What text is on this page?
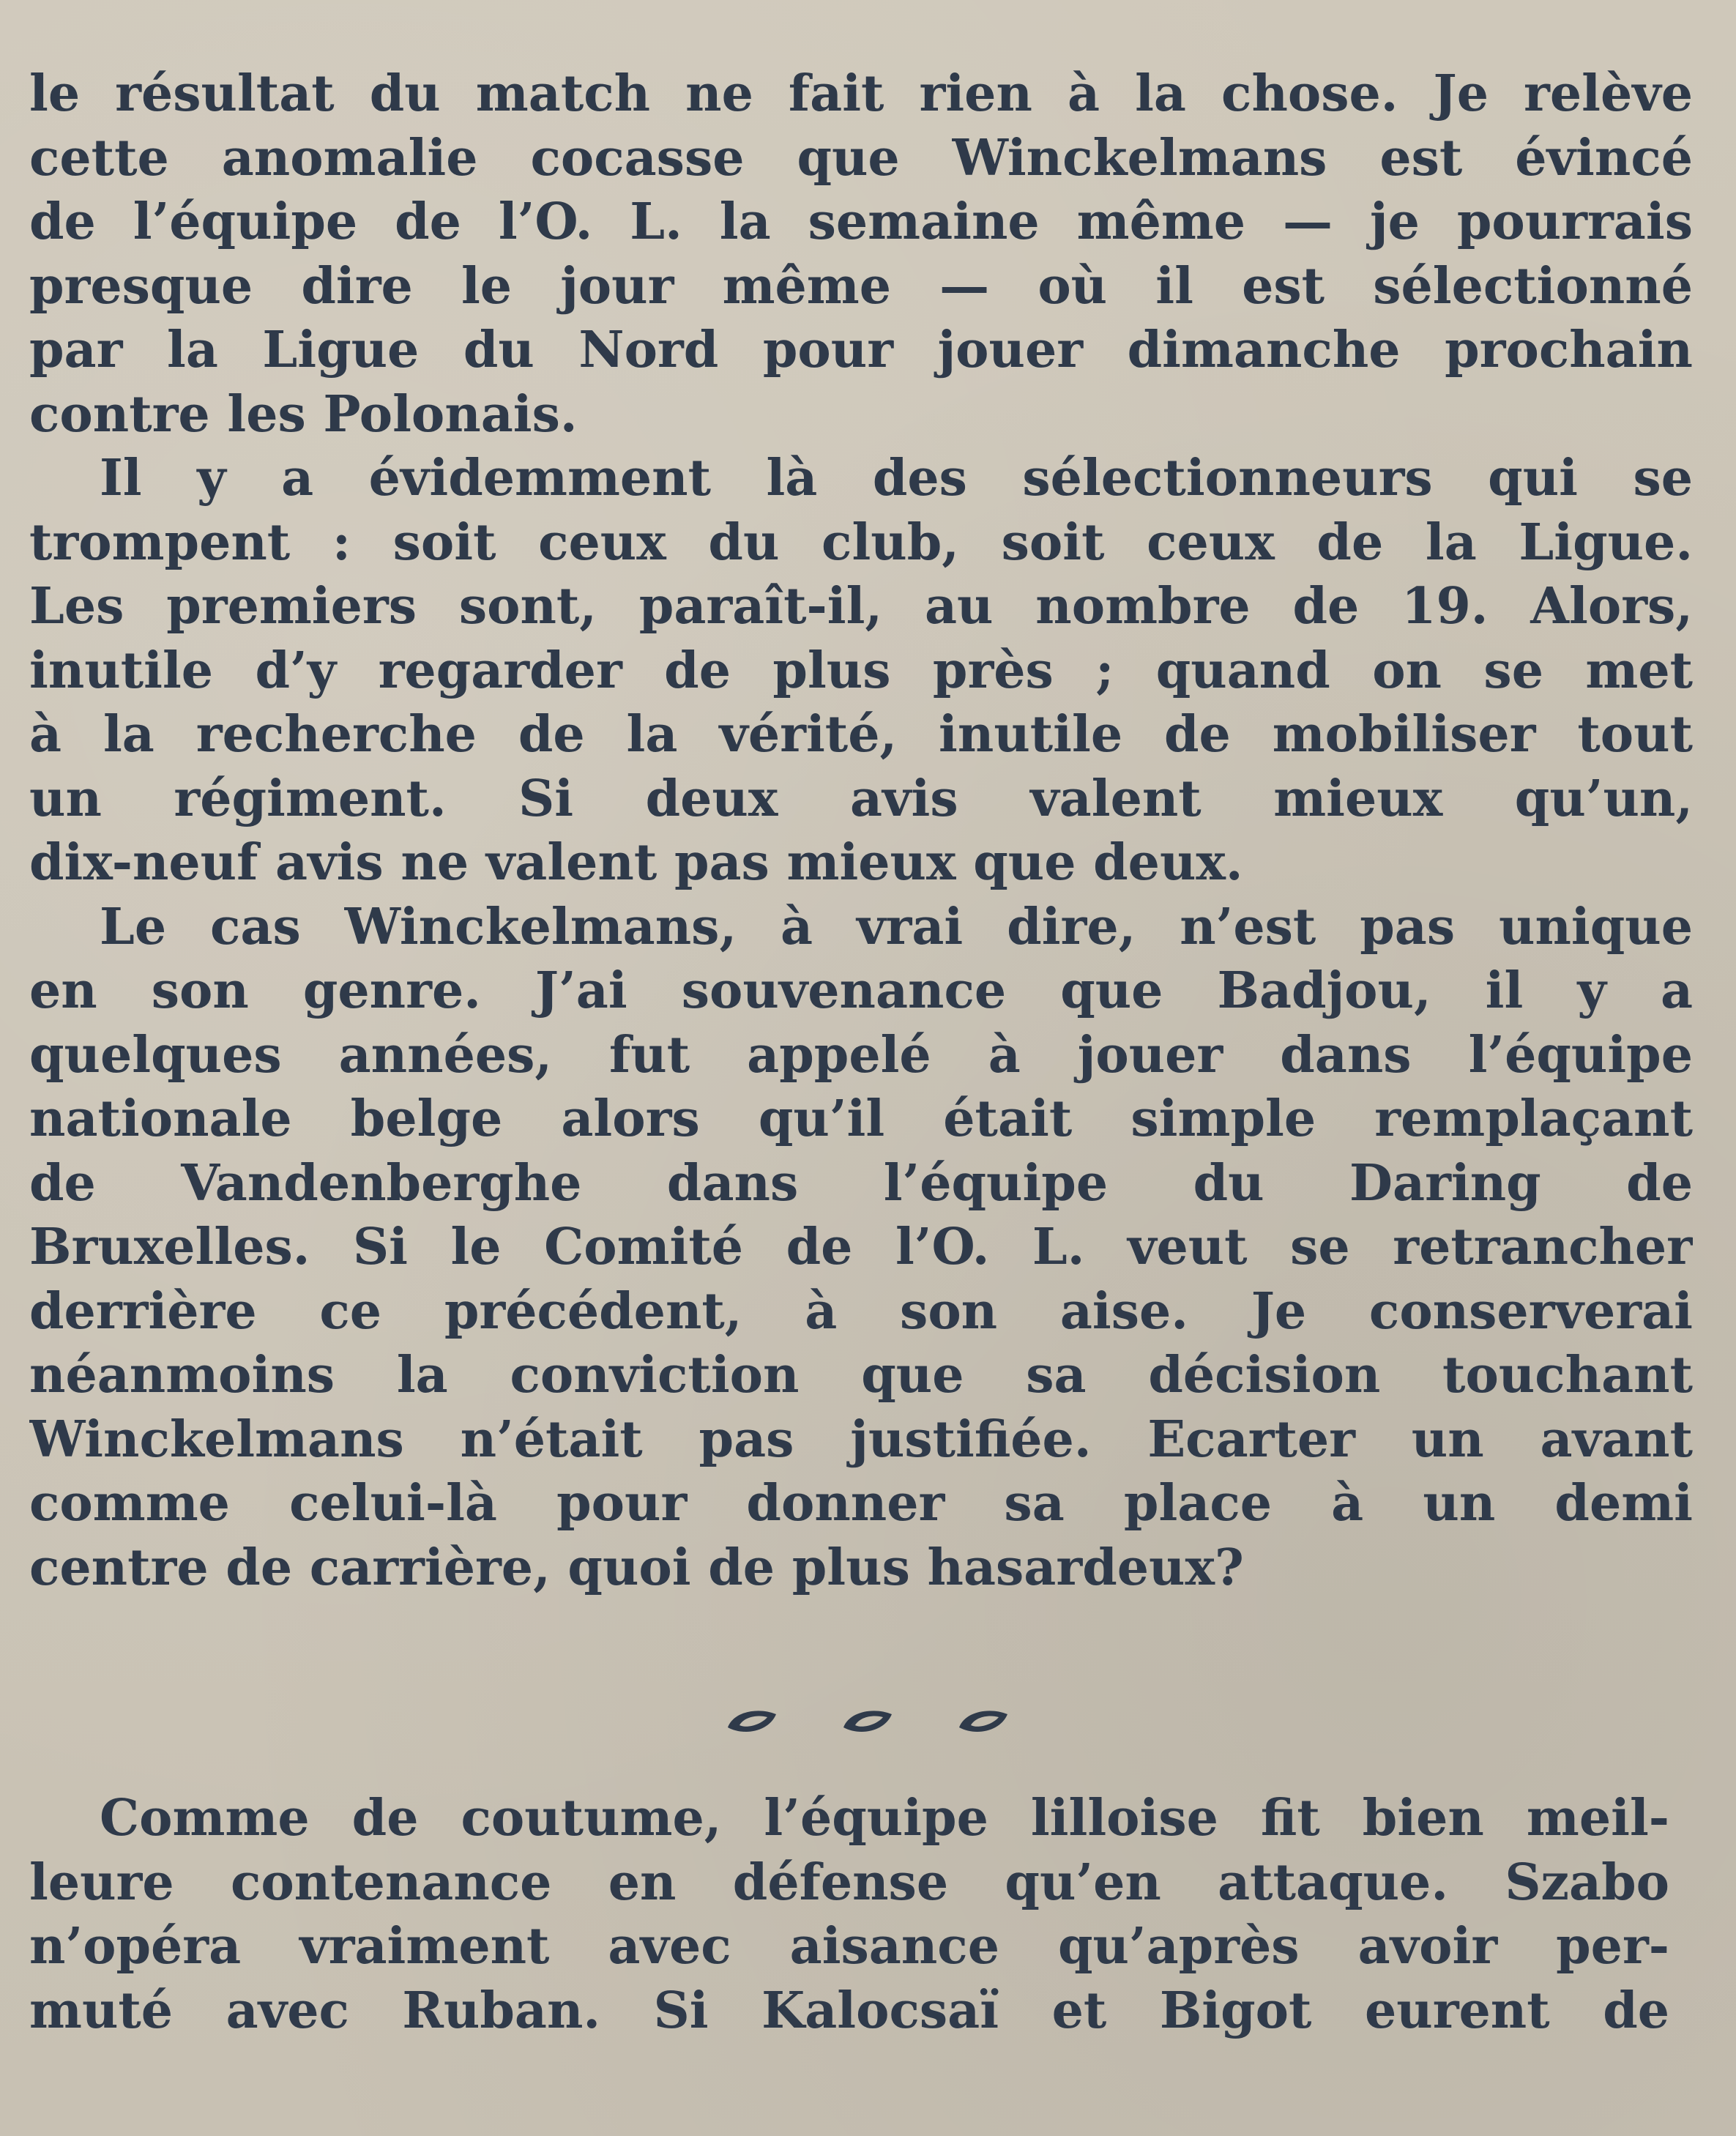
le résultat du match ne fait rien à la chose. Je relève
cette anomalie cocasse que Winckelmans est évincé
de l’équipe de l’O. L. la semaine même — je pourrais
presque dire le jour même — où il est sélectionné
par la Ligue du Nord pour jouer dimanche prochain
contre les Polonais.

Il y a évidemment là des sélectionneurs qui se
trompent : soit ceux du club, soit ceux de la Ligue.
Les premiers sont, paraît-il, au nombre de 19. Alors,
inutile d’y regarder de plus près ; quand on se met
à la recherche de la vérité, inutile de mobiliser tout
un régiment. Si deux avis valent mieux qu’un,
dix-neuf avis ne valent pas mieux que deux.

Le cas Winckelmans, à vrai dire, n’est pas unique
en son genre. J’ai souvenance que Badjou, il y a
quelques années, fut appelé à jouer dans l’équipe
nationale belge alors qu’il était simple remplaçant
de Vandenberghe dans l’équipe du Daring de
Bruxelles. Si le Comité de l’O. L. veut se retrancher
derrière ce précédent, à son aise. Je conserverai
néanmoins la conviction que sa décision touchant
Winckelmans n’était pas justifiée. Ecarter un avant
comme celui-là pour donner sa place à un demi
centre de carrière, quoi de plus hasardeux?

Comme de coutume, l’équipe lilloise fit bien meil-
leure contenance en défense qu’en attaque. Szabo
n’opéra vraiment avec aisance qu’après avoir per-
muté avec Ruban. Si Kalocsaï et Bigot eurent de
